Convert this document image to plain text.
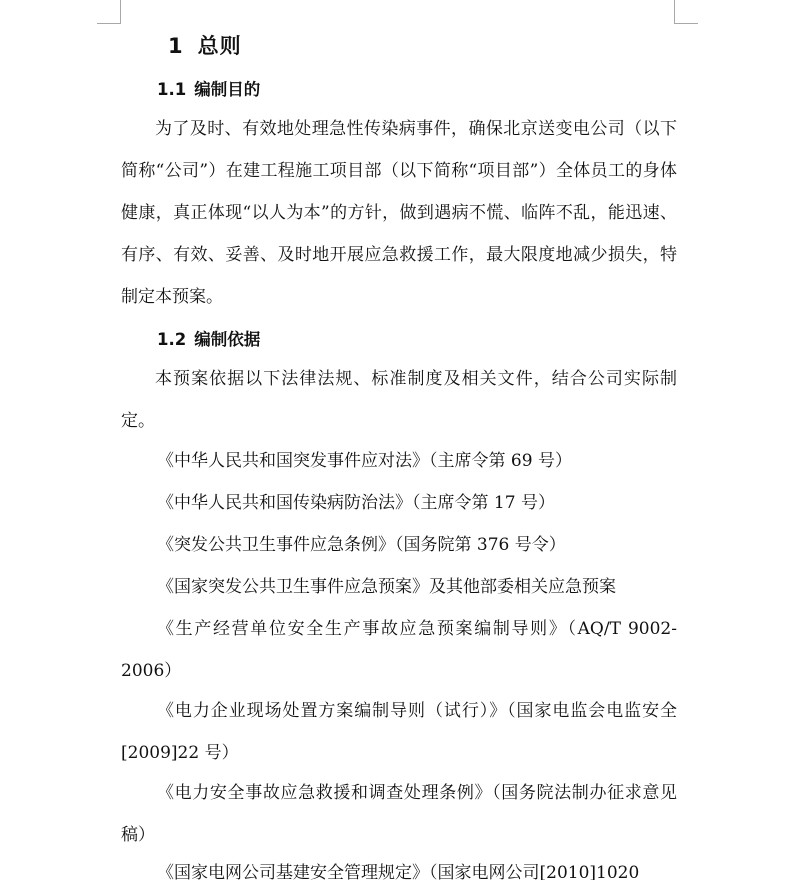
1 总则
1.1 编制目的
为了及时、有效地处理急性传染病事件，确保北京送变电公司（以下简称“公司”）在建工程施工项目部（以下简称“项目部”）全体员工的身体健康，真正体现“以人为本”的方针，做到遇病不慌、临阵不乱，能迅速、有序、有效、妥善、及时地开展应急救援工作，最大限度地减少损失，特制定本预案。
1.2 编制依据
本预案依据以下法律法规、标准制度及相关文件，结合公司实际制定。
《中华人民共和国突发事件应对法》（主席令第 69 号）
《中华人民共和国传染病防治法》（主席令第 17 号）
《突发公共卫生事件应急条例》（国务院第 376 号令）
《国家突发公共卫生事件应急预案》及其他部委相关应急预案
《生产经营单位安全生产事故应急预案编制导则》（AQ/T 9002-2006）
《电力企业现场处置方案编制导则（试行）》（国家电监会电监安全[2009]22 号）
《电力安全事故应急救援和调查处理条例》（国务院法制办征求意见稿）
《国家电网公司基建安全管理规定》（国家电网公司[2010]1020
